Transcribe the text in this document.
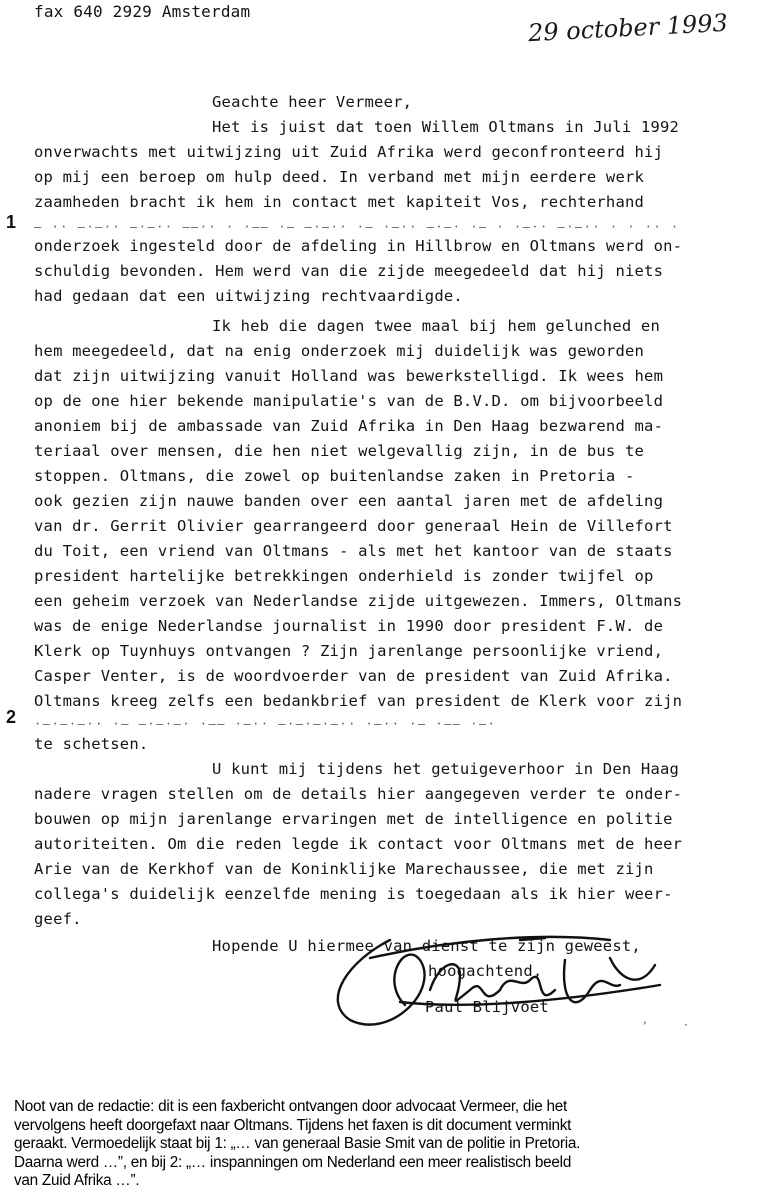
fax 640 2929 Amsterdam	29 october 1993
Geachte heer Vermeer,
Het is juist dat toen Willem Oltmans in Juli 1992
onverwachts met uitwijzing uit Zuid Afrika werd geconfronteerd hij
op mij een beroep om hulp deed. In verband met mijn eerdere werk
zaamheden bracht ik hem in contact met kapiteit Vos, rechterhand
1 — ·· —·—·· —·—·· ——·· · ·—— ·— —·—·· ·— ·—·· —·—· ·— · ·—·· —·—·· · · ·· ·
onderzoek ingesteld door de afdeling in Hillbrow en Oltmans werd on-
schuldig bevonden. Hem werd van die zijde meegedeeld dat hij niets
had gedaan dat een uitwijzing rechtvaardigde.
Ik heb die dagen twee maal bij hem gelunched en
hem meegedeeld, dat na enig onderzoek mij duidelijk was geworden
dat zijn uitwijzing vanuit Holland was bewerkstelligd. Ik wees hem
op de one hier bekende manipulatie's van de B.V.D. om bijvoorbeeld
anoniem bij de ambassade van Zuid Afrika in Den Haag bezwarend ma-
teriaal over mensen, die hen niet welgevallig zijn, in de bus te
stoppen. Oltmans, die zowel op buitenlandse zaken in Pretoria -
ook gezien zijn nauwe banden over een aantal jaren met de afdeling
van dr. Gerrit Olivier gearrangeerd door generaal Hein de Villefort
du Toit, een vriend van Oltmans - als met het kantoor van de staats
president hartelijke betrekkingen onderhield is zonder twijfel op
een geheim verzoek van Nederlandse zijde uitgewezen. Immers, Oltmans
was de enige Nederlandse journalist in 1990 door president F.W. de
Klerk op Tuynhuys ontvangen ? Zijn jarenlange persoonlijke vriend,
Casper Venter, is de woordvoerder van de president van Zuid Afrika.
Oltmans kreeg zelfs een bedankbrief van president de Klerk voor zijn
2 ·—·—·—·· ·— —·—·—· ·—— ·—·· —·—·—·—·· ·—·· ·— ·—— ·—·
te schetsen.
U kunt mij tijdens het getuigeverhoor in Den Haag
nadere vragen stellen om de details hier aangegeven verder te onder-
bouwen op mijn jarenlange ervaringen met de intelligence en politie
autoriteiten. Om die reden legde ik contact voor Oltmans met de heer
Arie van de Kerkhof van de Koninklijke Marechaussee, die met zijn
collega's duidelijk eenzelfde mening is toegedaan als ik hier weer-
geef.
Hopende U hiermee van dienst te zijn geweest,
hoogachtend,
Paul Blijvoet
,	·
Noot van de redactie: dit is een faxbericht ontvangen door advocaat Vermeer, die het
vervolgens heeft doorgefaxt naar Oltmans. Tijdens het faxen is dit document verminkt
geraakt. Vermoedelijk staat bij 1: „… van generaal Basie Smit van de politie in Pretoria.
Daarna werd …”, en bij 2: „… inspanningen om Nederland een meer realistisch beeld
van Zuid Afrika …”.
